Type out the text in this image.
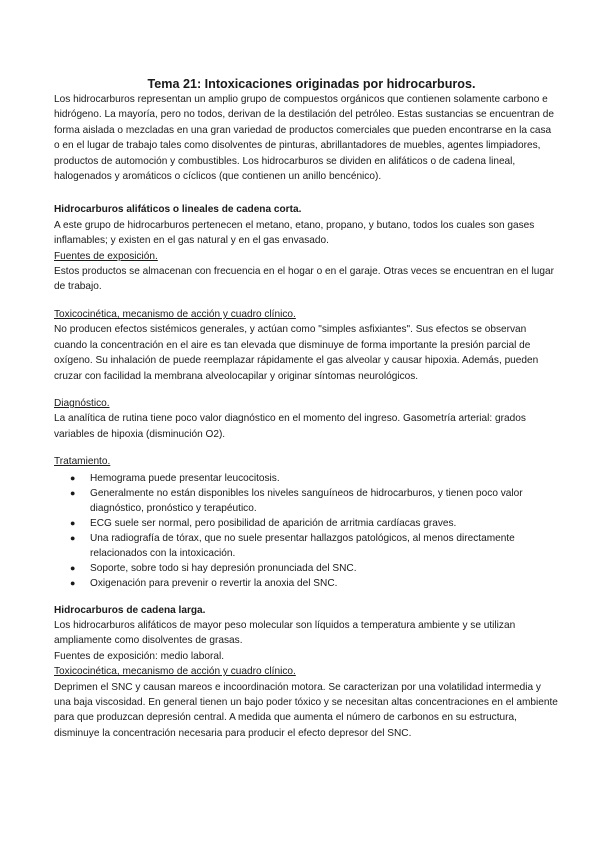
Tema 21: Intoxicaciones originadas por hidrocarburos.

Los hidrocarburos representan un amplio grupo de compuestos orgánicos que contienen solamente carbono e hidrógeno. La mayoría, pero no todos, derivan de la destilación del petróleo. Estas sustancias se encuentran de forma aislada o mezcladas en una gran variedad de productos comerciales que pueden encontrarse en la casa o en el lugar de trabajo tales como disolventes de pinturas, abrillantadores de muebles, agentes limpiadores, productos de automoción y combustibles. Los hidrocarburos se dividen en alifáticos o de cadena lineal, halogenados y aromáticos o cíclicos (que contienen un anillo bencénico).

Hidrocarburos alifáticos o lineales de cadena corta.

A este grupo de hidrocarburos pertenecen el metano, etano, propano, y butano, todos los cuales son gases inflamables; y existen en el gas natural y en el gas envasado.

Fuentes de exposición.

Estos productos se almacenan con frecuencia en el hogar o en el garaje. Otras veces se encuentran en el lugar de trabajo.

Toxicocinética, mecanismo de acción y cuadro clínico.

No producen efectos sistémicos generales, y actúan como "simples asfixiantes". Sus efectos se observan cuando la concentración en el aire es tan elevada que disminuye de forma importante la presión parcial de oxígeno. Su inhalación de puede reemplazar rápidamente el gas alveolar y causar hipoxia. Además, pueden cruzar con facilidad la membrana alveolocapilar y originar síntomas neurológicos.

Diagnóstico.

La analítica de rutina tiene poco valor diagnóstico en el momento del ingreso. Gasometría arterial: grados variables de hipoxia (disminución O2).

Tratamiento.

● Hemograma puede presentar leucocitosis.
● Generalmente no están disponibles los niveles sanguíneos de hidrocarburos, y tienen poco valor diagnóstico, pronóstico y terapéutico.
● ECG suele ser normal, pero posibilidad de aparición de arritmia cardíacas graves.
● Una radiografía de tórax, que no suele presentar hallazgos patológicos, al menos directamente relacionados con la intoxicación.
● Soporte, sobre todo si hay depresión pronunciada del SNC.
● Oxigenación para prevenir o revertir la anoxia del SNC.

Hidrocarburos de cadena larga.

Los hidrocarburos alifáticos de mayor peso molecular son líquidos a temperatura ambiente y se utilizan ampliamente como disolventes de grasas.

Fuentes de exposición: medio laboral.

Toxicocinética, mecanismo de acción y cuadro clínico.

Deprimen el SNC y causan mareos e incoordinación motora. Se caracterizan por una volatilidad intermedia y una baja viscosidad. En general tienen un bajo poder tóxico y se necesitan altas concentraciones en el ambiente para que produzcan depresión central. A medida que aumenta el número de carbonos en su estructura, disminuye la concentración necesaria para producir el efecto depresor del SNC.
